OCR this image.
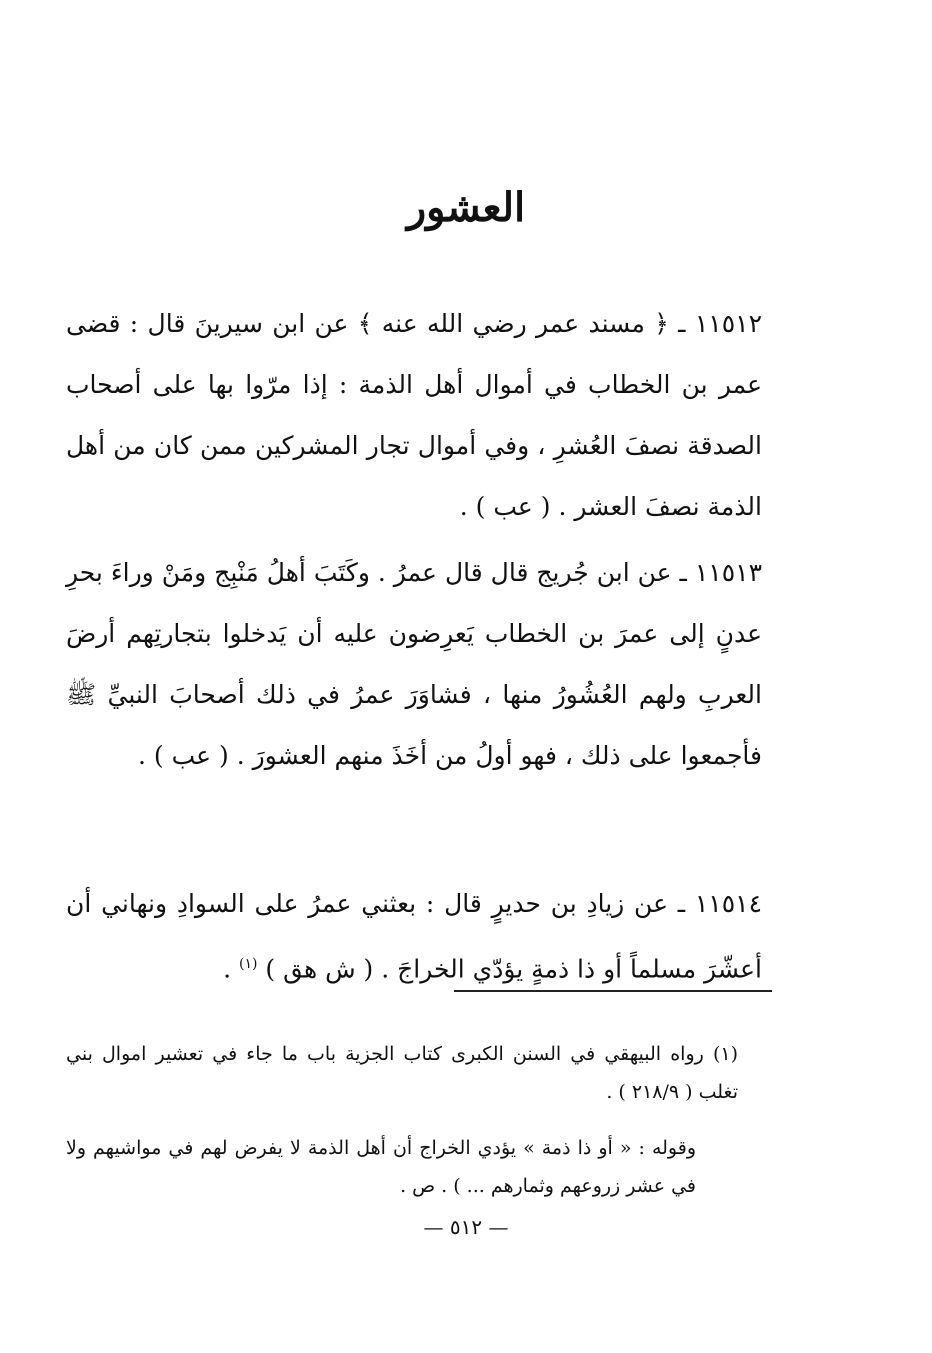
العشور

١١٥١٢ ـ ﴿ مسند عمر رضي الله عنه ﴾ عن ابن سيرينَ قال : قضى عمر بن الخطاب في أموال أهل الذمة : إذا مرّوا بها على أصحاب الصدقة نصفَ العُشرِ ، وفي أموال تجار المشركين ممن كان من أهل الذمة نصفَ العشر . ( عب ) .

١١٥١٣ ـ عن ابن جُريج قال قال عمرُ . وكَتَبَ أهلُ مَنْبِج ومَنْ وراءَ بحرِ عدنٍ إلى عمرَ بن الخطاب يَعرِضون عليه أن يَدخلوا بتجارتِهم أرضَ العربِ ولهم العُشُورُ منها ، فشاوَرَ عمرُ في ذلك أصحابَ النبيِّ ﷺ فأجمعوا على ذلك ، فهو أولُ من أخَذَ منهم العشورَ . ( عب ) .

١١٥١٤ ـ عن زيادِ بن حديرٍ قال : بعثني عمرُ على السوادِ ونهاني أن أعشّرَ مسلماً أو ذا ذمةٍ يؤدّي الخراجَ . ( ش هق ) $^{(١)}$ .

(١) رواه البيهقي في السنن الكبرى كتاب الجزية باب ما جاء في تعشير اموال بني تغلب ( ٢١٨/٩ ) .

وقوله : « أو ذا ذمة » يؤدي الخراج أن أهل الذمة لا يفرض لهم في مواشيهم ولا في عشر زروعهم وثمارهم ... ) . ص .

— ٥١٢ —
